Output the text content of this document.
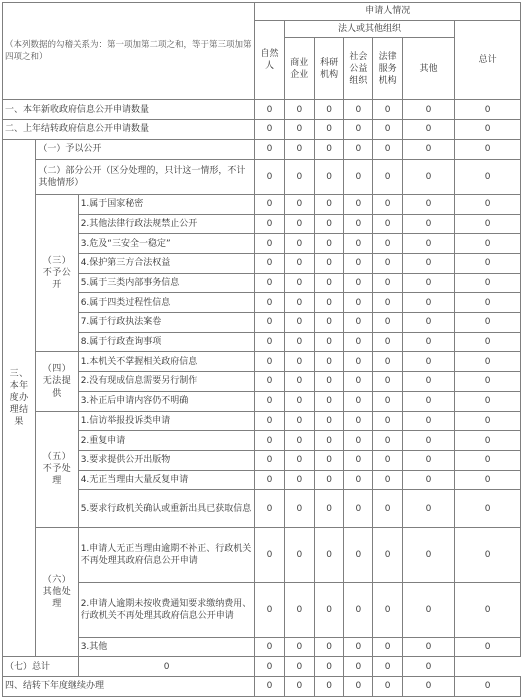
（本列数据的勾稽关系为：第一项加第二项之和，等于第三项加第四项之和）			申请人情况						
			自然人	法人或其他组织					总计
				商业企业	科研机构	社会公益组织	法律服务机构	其他	
一、本年新收政府信息公开申请数量			0	0	0	0	0	0	0
二、上年结转政府信息公开申请数量			0	0	0	0	0	0	0
三、本年度办理结果	（一）予以公开		0	0	0	0	0	0	0
	（二）部分公开（区分处理的，只计这一情形，不计其他情形）		0	0	0	0	0	0	0
	（三）不予公开	1.属于国家秘密	0	0	0	0	0	0	0
		2.其他法律行政法规禁止公开	0	0	0	0	0	0	0
		3.危及“三安全一稳定”	0	0	0	0	0	0	0
		4.保护第三方合法权益	0	0	0	0	0	0	0
		5.属于三类内部事务信息	0	0	0	0	0	0	0
		6.属于四类过程性信息	0	0	0	0	0	0	0
		7.属于行政执法案卷	0	0	0	0	0	0	0
		8.属于行政查询事项	0	0	0	0	0	0	0
	（四）无法提供	1.本机关不掌握相关政府信息	0	0	0	0	0	0	0
		2.没有现成信息需要另行制作	0	0	0	0	0	0	0
		3.补正后申请内容仍不明确	0	0	0	0	0	0	0
	（五）不予处理	1.信访举报投诉类申请	0	0	0	0	0	0	0
		2.重复申请	0	0	0	0	0	0	0
		3.要求提供公开出版物	0	0	0	0	0	0	0
		4.无正当理由大量反复申请	0	0	0	0	0	0	0
		5.要求行政机关确认或重新出具已获取信息	0	0	0	0	0	0	0
	（六）其他处理	1.申请人无正当理由逾期不补正、行政机关不再处理其政府信息公开申请	0	0	0	0	0	0	0
		2.申请人逾期未按收费通知要求缴纳费用、行政机关不再处理其政府信息公开申请	0	0	0	0	0	0	0
		3.其他	0	0	0	0	0	0	0
（七）总计		0	0	0	0	0	0	0	
四、结转下年度继续办理			0	0	0	0	0	0	0
